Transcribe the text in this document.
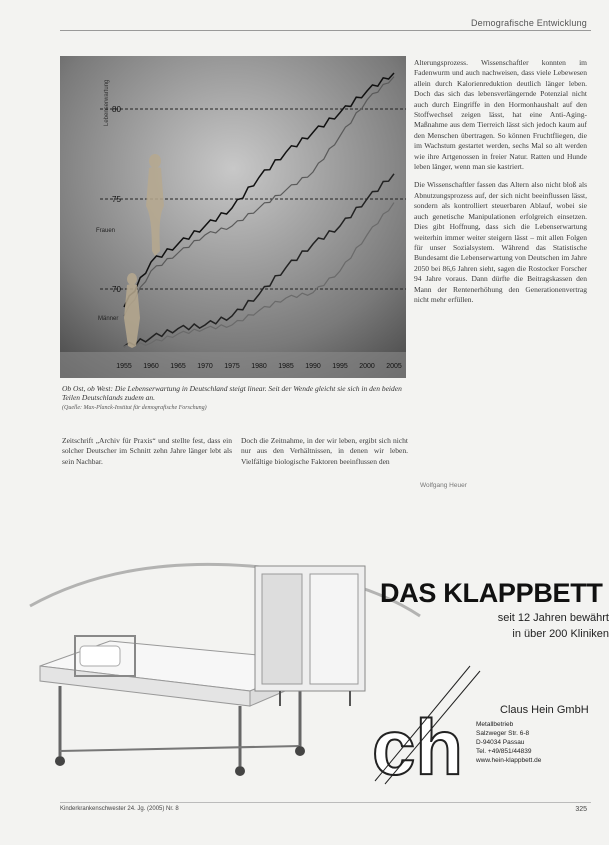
Demografische Entwicklung
70
75
80
Frauen
Männer
Lebenserwartung
1955 1960 1965 1970 1975 1980 1985 1990 1995 2000 2005
Ob Ost, ob West: Die Lebenserwartung in Deutschland steigt linear. Seit der Wende gleicht sie sich in den beiden Teilen Deutschlands zudem an.
(Quelle: Max-Planck-Institut für demografische Forschung)

Alterungsprozess. Wissenschaftler konnten im Fadenwurm und auch nachweisen, dass viele Lebewesen allein durch Kalorienreduktion deutlich länger leben. Doch das sich das lebensverlängernde Potenzial nicht auch durch Eingriffe in den Hormonhaushalt auf den Stoffwechsel zeigen lässt, hat eine Anti-Aging-Maßnahme aus dem Tierreich lässt sich jedoch kaum auf den Menschen übertragen. So können Fruchtfliegen, die im Wachstum gestartet werden, sechs Mal so alt werden wie ihre Artgenossen in freier Natur. Ratten und Hunde leben länger, wenn man sie kastriert.

Die Wissenschaftler fassen das Altern also nicht bloß als Abnutzungsprozess auf, der sich nicht beeinflussen lässt, sondern als kontrolliert steuerbaren Ablauf, wobei sie auch genetische Manipulationen erfolgreich einsetzen. Dies gibt Hoffnung, dass sich die Lebenserwartung weiterhin immer weiter steigern lässt – mit allen Folgen für unser Sozialsystem. Während das Statistische Bundesamt die Lebenserwartung von Deutschen im Jahre 2050 bei 86,6 Jahren sieht, sagen die Rostocker Forscher 94 Jahre voraus. Dann dürfte die Beitragskassen den Mann der Rentenerhöhung den Generationenvertrag nicht mehr erfüllen.

Zeitschrift „Archiv für Praxis“ und stellte fest, dass ein solcher Deutscher im Schnitt zehn Jahre länger lebt als sein Nachbar.

Doch die Zeitnahme, in der wir leben, ergibt sich nicht nur aus den Verhältnissen, in denen wir leben. Vielfältige biologische Faktoren beeinflussen den

Wolfgang Heuer
ch
DAS KLAPPBETT
seit 12 Jahren bewährt
in über 200 Kliniken
Claus Hein GmbH
Metallbetrieb
Salzweger Str. 6-8
D-94034 Passau
Tel. +49/851/44839
www.hein-klappbett.de
Kinderkrankenschwester 24. Jg. (2005) Nr. 8	325
